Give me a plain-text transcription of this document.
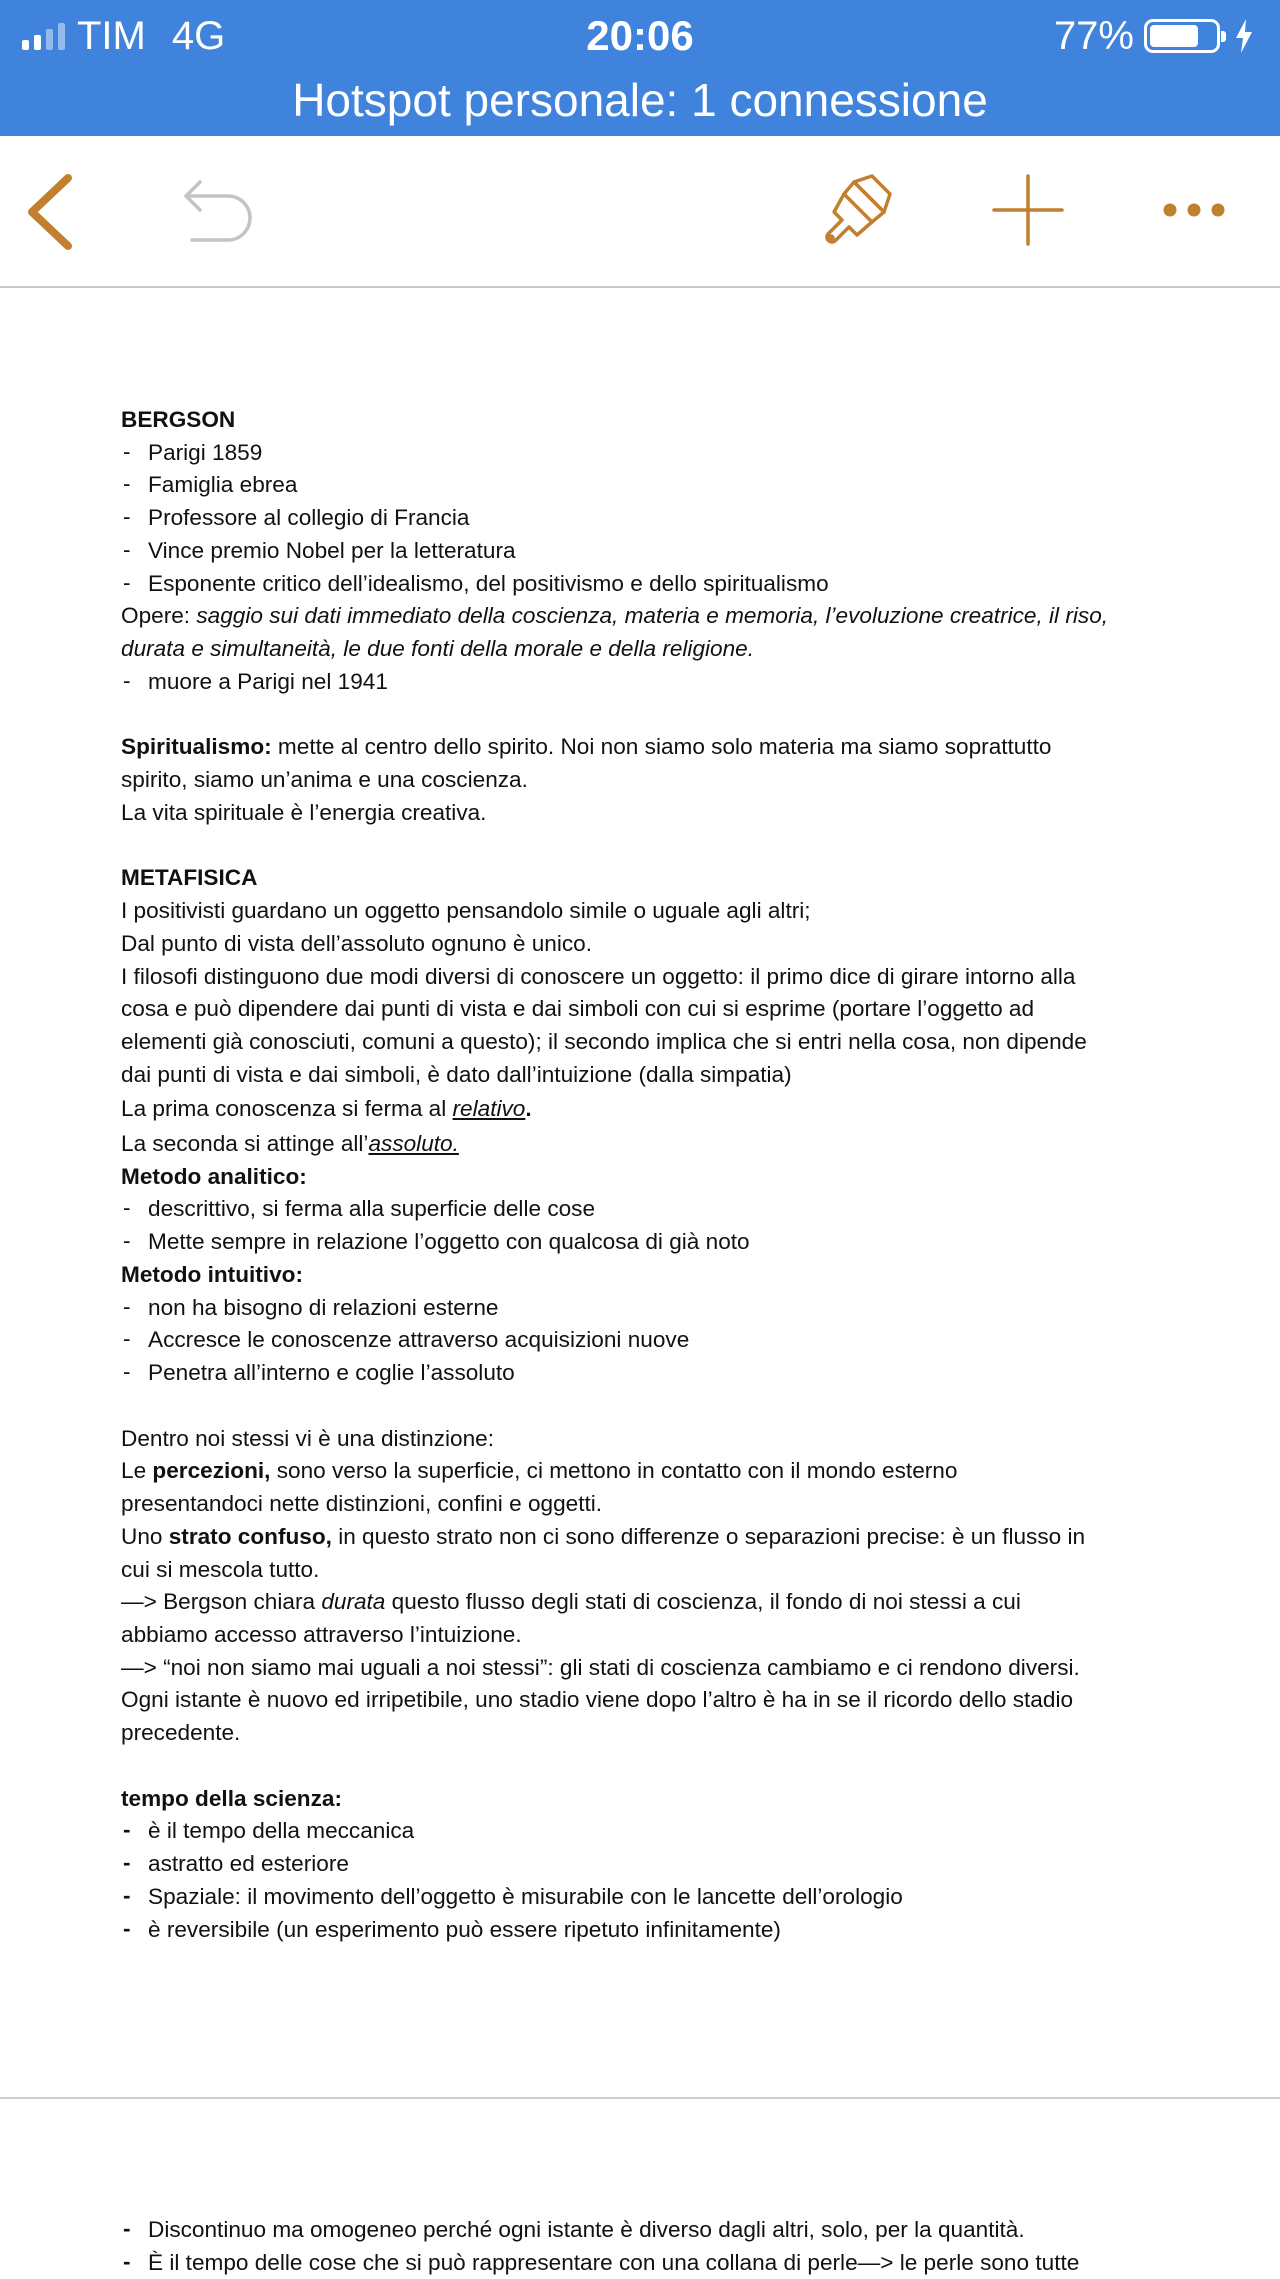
TIM 4G	20:06	77%
Hotspot personale: 1 connessione

BERGSON

- Parigi 1859

- Famiglia ebrea

- Professore al collegio di Francia

- Vince premio Nobel per la letteratura

- Esponente critico dell’idealismo, del positivismo e dello spiritualismo

Opere: saggio sui dati immediato della coscienza, materia e memoria, l’evoluzione creatrice, il riso,

durata e simultaneità, le due fonti della morale e della religione.

- muore a Parigi nel 1941

Spiritualismo: mette al centro dello spirito. Noi non siamo solo materia ma siamo soprattutto

spirito, siamo un’anima e una coscienza.

La vita spirituale è l’energia creativa.

METAFISICA

I positivisti guardano un oggetto pensandolo simile o uguale agli altri;

Dal punto di vista dell’assoluto ognuno è unico.

I filosofi distinguono due modi diversi di conoscere un oggetto: il primo dice di girare intorno alla

cosa e può dipendere dai punti di vista e dai simboli con cui si esprime (portare l’oggetto ad

elementi già conosciuti, comuni a questo); il secondo implica che si entri nella cosa, non dipende

dai punti di vista e dai simboli, è dato dall’intuizione (dalla simpatia)

La prima conoscenza si ferma al relativo.

La seconda si attinge all’assoluto.

Metodo analitico:

- descrittivo, si ferma alla superficie delle cose

- Mette sempre in relazione l’oggetto con qualcosa di già noto

Metodo intuitivo:

- non ha bisogno di relazioni esterne

- Accresce le conoscenze attraverso acquisizioni nuove

- Penetra all’interno e coglie l’assoluto

Dentro noi stessi vi è una distinzione:

Le percezioni, sono verso la superficie, ci mettono in contatto con il mondo esterno

presentandoci nette distinzioni, confini e oggetti.

Uno strato confuso, in questo strato non ci sono differenze o separazioni precise: è un flusso in

cui si mescola tutto.

—> Bergson chiara durata questo flusso degli stati di coscienza, il fondo di noi stessi a cui

abbiamo accesso attraverso l’intuizione.

—> “noi non siamo mai uguali a noi stessi”: gli stati di coscienza cambiamo e ci rendono diversi.

Ogni istante è nuovo ed irripetibile, uno stadio viene dopo l’altro è ha in se il ricordo dello stadio

precedente.

tempo della scienza:

- è il tempo della meccanica

- astratto ed esteriore

- Spaziale: il movimento dell’oggetto è misurabile con le lancette dell’orologio

- è reversibile (un esperimento può essere ripetuto infinitamente)

- Discontinuo ma omogeneo perché ogni istante è diverso dagli altri, solo, per la quantità.

- È il tempo delle cose che si può rappresentare con una collana di perle—> le perle sono tutte
